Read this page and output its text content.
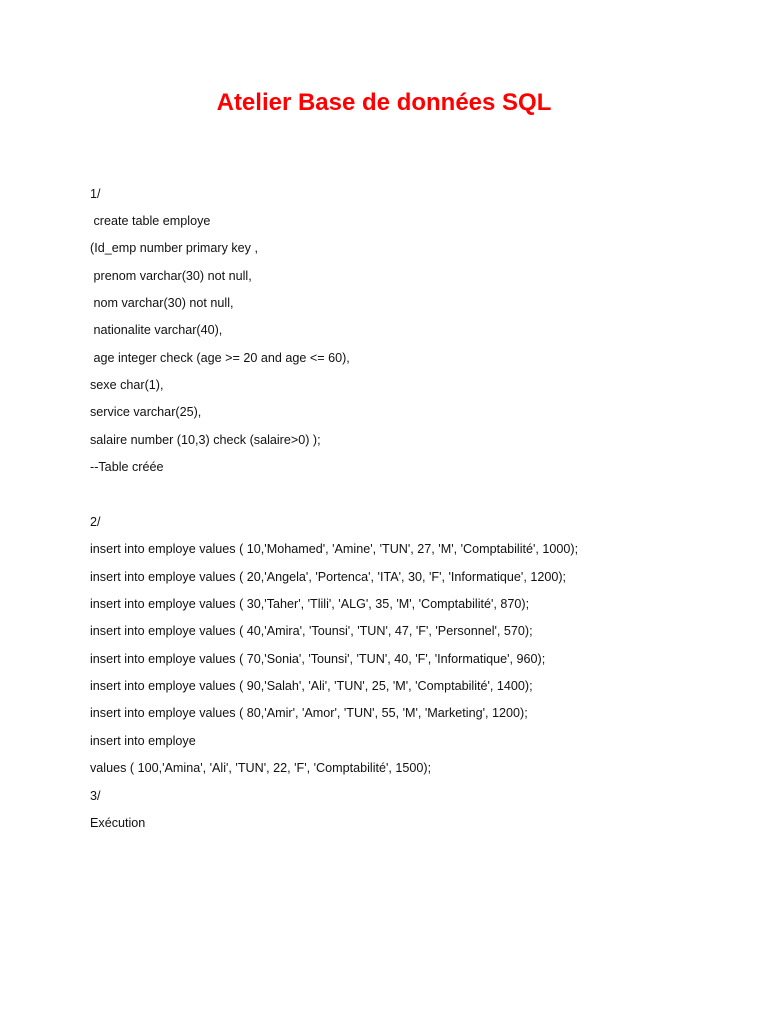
Atelier Base de données SQL
1/
create table employe
(Id_emp number primary key ,
prenom varchar(30) not null,
nom varchar(30) not null,
nationalite varchar(40),
age integer check (age >= 20 and age <= 60),
sexe char(1),
service varchar(25),
salaire number (10,3) check (salaire>0) );
--Table créée
2/
insert into employe values ( 10,'Mohamed', 'Amine', 'TUN', 27, 'M', 'Comptabilité', 1000);
insert into employe values ( 20,'Angela', 'Portenca', 'ITA', 30, 'F', 'Informatique', 1200);
insert into employe values ( 30,'Taher', 'Tlili', 'ALG', 35, 'M', 'Comptabilité', 870);
insert into employe values ( 40,'Amira', 'Tounsi', 'TUN', 47, 'F', 'Personnel', 570);
insert into employe values ( 70,'Sonia', 'Tounsi', 'TUN', 40, 'F', 'Informatique', 960);
insert into employe values ( 90,'Salah', 'Ali', 'TUN', 25, 'M', 'Comptabilité', 1400);
insert into employe values ( 80,'Amir', 'Amor', 'TUN', 55, 'M', 'Marketing', 1200);
insert into employe
values ( 100,'Amina', 'Ali', 'TUN', 22, 'F', 'Comptabilité', 1500);
3/
Exécution
